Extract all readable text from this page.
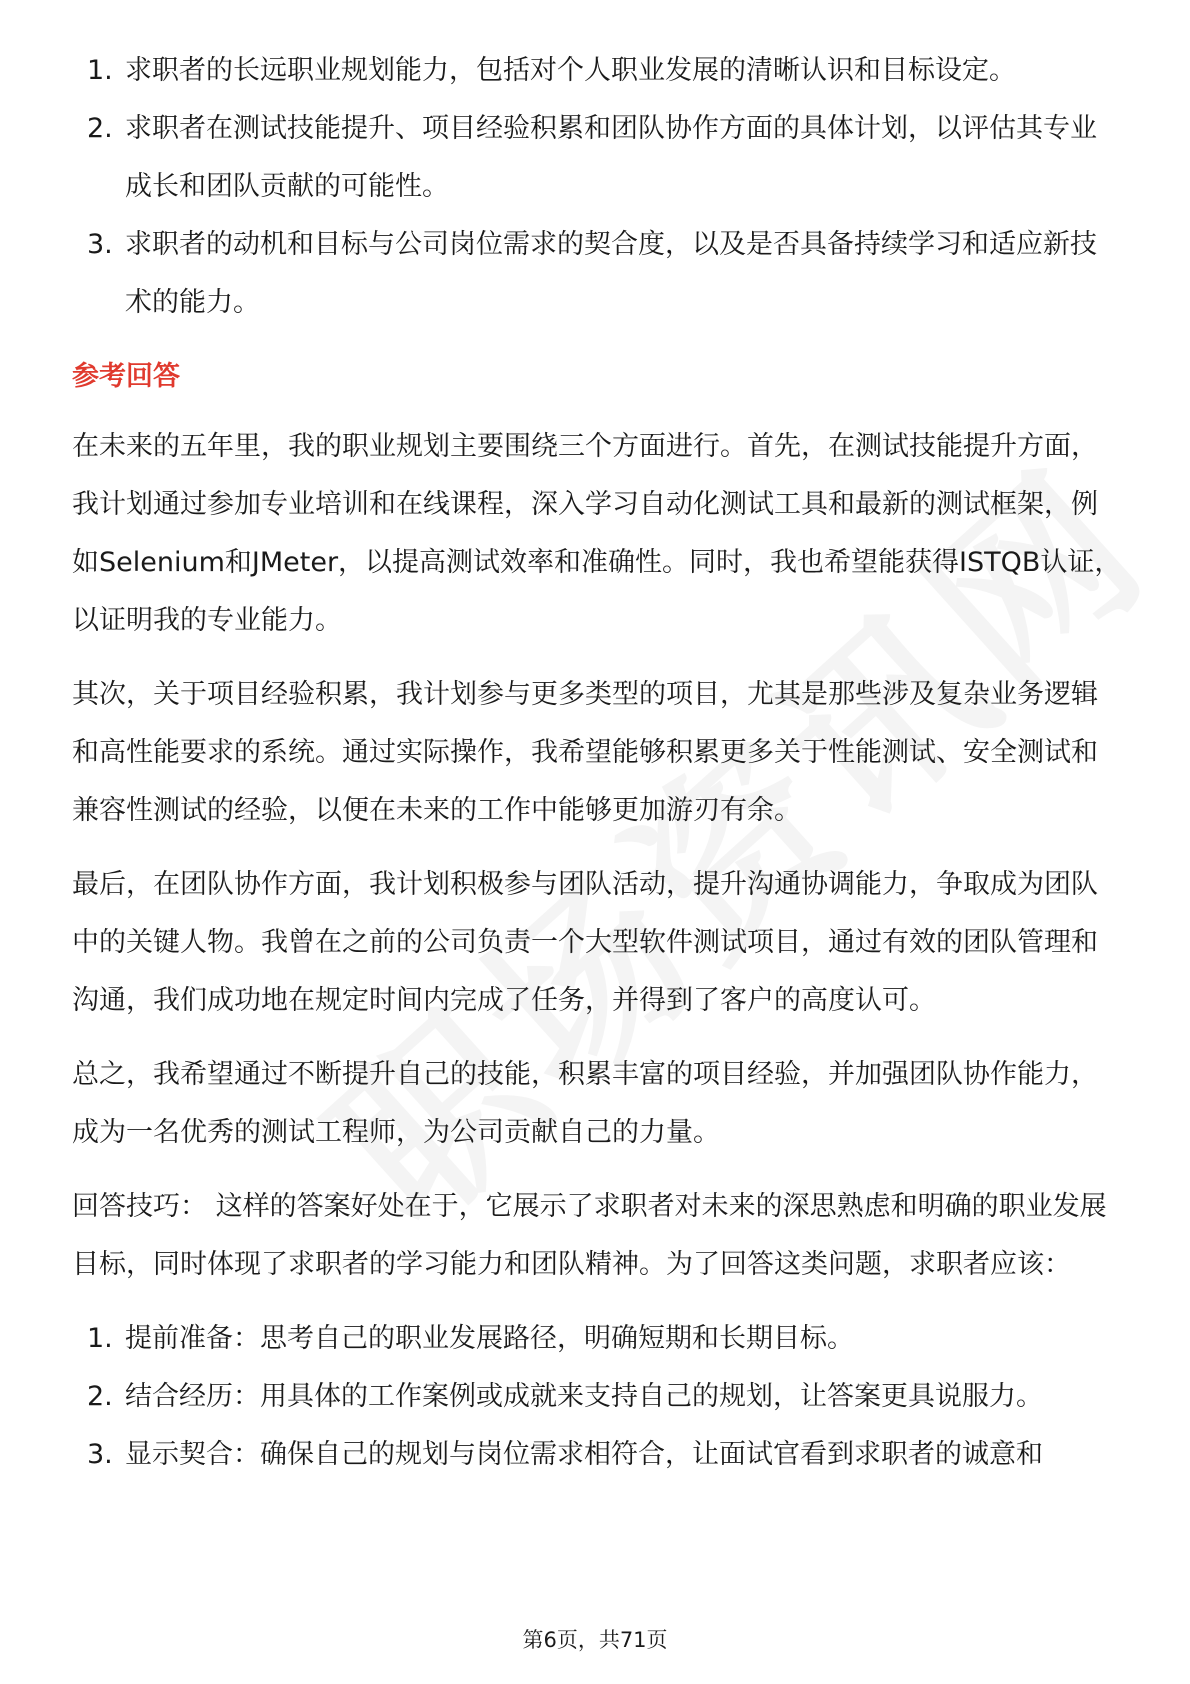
1. 求职者的长远职业规划能力，包括对个人职业发展的清晰认识和目标设定。
2. 求职者在测试技能提升、项目经验积累和团队协作方面的具体计划，以评估其专业成长和团队贡献的可能性。
3. 求职者的动机和目标与公司岗位需求的契合度，以及是否具备持续学习和适应新技术的能力。
参考回答

在未来的五年里，我的职业规划主要围绕三个方面进行。首先，在测试技能提升方面，我计划通过参加专业培训和在线课程，深入学习自动化测试工具和最新的测试框架，例如Selenium和JMeter，以提高测试效率和准确性。同时，我也希望能获得ISTQB认证，以证明我的专业能力。

其次，关于项目经验积累，我计划参与更多类型的项目，尤其是那些涉及复杂业务逻辑和高性能要求的系统。通过实际操作，我希望能够积累更多关于性能测试、安全测试和兼容性测试的经验，以便在未来的工作中能够更加游刃有余。

最后，在团队协作方面，我计划积极参与团队活动，提升沟通协调能力，争取成为团队中的关键人物。我曾在之前的公司负责一个大型软件测试项目，通过有效的团队管理和沟通，我们成功地在规定时间内完成了任务，并得到了客户的高度认可。

总之，我希望通过不断提升自己的技能，积累丰富的项目经验，并加强团队协作能力，成为一名优秀的测试工程师，为公司贡献自己的力量。

回答技巧： 这样的答案好处在于，它展示了求职者对未来的深思熟虑和明确的职业发展目标，同时体现了求职者的学习能力和团队精神。为了回答这类问题，求职者应该：

1. 提前准备：思考自己的职业发展路径，明确短期和长期目标。
2. 结合经历：用具体的工作案例或成就来支持自己的规划，让答案更具说服力。
3. 显示契合：确保自己的规划与岗位需求相符合，让面试官看到求职者的诚意和
第6页，共71页
